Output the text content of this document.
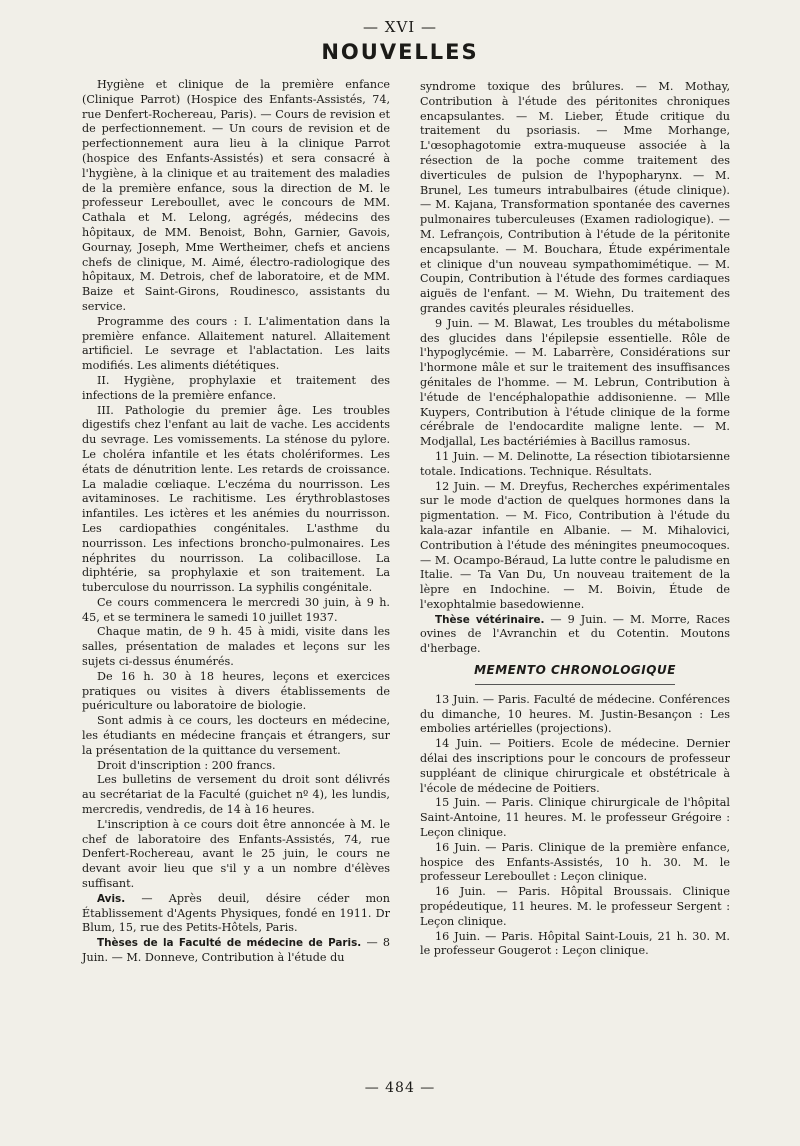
— XVI —
NOUVELLES

Hygiène et clinique de la première enfance (Clinique Parrot) (Hospice des Enfants-Assistés, 74, rue Denfert-Rochereau, Paris). — Cours de revision et de perfectionnement. — Un cours de revision et de perfectionnement aura lieu à la clinique Parrot (hospice des Enfants-Assistés) et sera consacré à l'hygiène, à la clinique et au traitement des maladies de la première enfance, sous la direction de M. le professeur Lereboullet, avec le concours de MM. Cathala et M. Lelong, agrégés, médecins des hôpitaux, de MM. Benoist, Bohn, Garnier, Gavois, Gournay, Joseph, Mme Wertheimer, chefs et anciens chefs de clinique, M. Aimé, électro-radiologique des hôpitaux, M. Detrois, chef de laboratoire, et de MM. Baize et Saint-Girons, Roudinesco, assistants du service.

Programme des cours : I. L'alimentation dans la première enfance. Allaitement naturel. Allaitement artificiel. Le sevrage et l'ablactation. Les laits modifiés. Les aliments diététiques.

II. Hygiène, prophylaxie et traitement des infections de la première enfance.

III. Pathologie du premier âge. Les troubles digestifs chez l'enfant au lait de vache. Les accidents du sevrage. Les vomissements. La sténose du pylore. Le choléra infantile et les états cholériformes. Les états de dénutrition lente. Les retards de croissance. La maladie cœliaque. L'eczéma du nourrisson. Les avitaminoses. Le rachitisme. Les érythroblastoses infantiles. Les ictères et les anémies du nourrisson. Les cardiopathies congénitales. L'asthme du nourrisson. Les infections broncho-pulmonaires. Les néphrites du nourrisson. La colibacillose. La diphtérie, sa prophylaxie et son traitement. La tuberculose du nourrisson. La syphilis congénitale.

Ce cours commencera le mercredi 30 juin, à 9 h. 45, et se terminera le samedi 10 juillet 1937.

Chaque matin, de 9 h. 45 à midi, visite dans les salles, présentation de malades et leçons sur les sujets ci-dessus énumérés.

De 16 h. 30 à 18 heures, leçons et exercices pratiques ou visites à divers établissements de puériculture ou laboratoire de biologie.

Sont admis à ce cours, les docteurs en médecine, les étudiants en médecine français et étrangers, sur la présentation de la quittance du versement.

Droit d'inscription : 200 francs.

Les bulletins de versement du droit sont délivrés au secrétariat de la Faculté (guichet nº 4), les lundis, mercredis, vendredis, de 14 à 16 heures.

L'inscription à ce cours doit être annoncée à M. le chef de laboratoire des Enfants-Assistés, 74, rue Denfert-Rochereau, avant le 25 juin, le cours ne devant avoir lieu que s'il y a un nombre d'élèves suffisant.

Avis. — Après deuil, désire céder mon Établissement d'Agents Physiques, fondé en 1911. Dr Blum, 15, rue des Petits-Hôtels, Paris.

Thèses de la Faculté de médecine de Paris. — 8 Juin. — M. Donneve, Contribution à l'étude du

syndrome toxique des brûlures. — M. Mothay, Contribution à l'étude des péritonites chroniques encapsulantes. — M. Lieber, Étude critique du traitement du psoriasis. — Mme Morhange, L'œsophagotomie extra-muqueuse associée à la résection de la poche comme traitement des diverticules de pulsion de l'hypopharynx. — M. Brunel, Les tumeurs intrabulbaires (étude clinique). — M. Kajana, Transformation spontanée des cavernes pulmonaires tuberculeuses (Examen radiologique). — M. Lefrançois, Contribution à l'étude de la péritonite encapsulante. — M. Bouchara, Étude expérimentale et clinique d'un nouveau sympathomimétique. — M. Coupin, Contribution à l'étude des formes cardiaques aiguës de l'enfant. — M. Wiehn, Du traitement des grandes cavités pleurales résiduelles.

9 Juin. — M. Blawat, Les troubles du métabolisme des glucides dans l'épilepsie essentielle. Rôle de l'hypoglycémie. — M. Labarrère, Considérations sur l'hormone mâle et sur le traitement des insuffisances génitales de l'homme. — M. Lebrun, Contribution à l'étude de l'encéphalopathie addisonienne. — Mlle Kuypers, Contribution à l'étude clinique de la forme cérébrale de l'endocardite maligne lente. — M. Modjallal, Les bactériémies à Bacillus ramosus.

11 Juin. — M. Delinotte, La résection tibiotarsienne totale. Indications. Technique. Résultats.

12 Juin. — M. Dreyfus, Recherches expérimentales sur le mode d'action de quelques hormones dans la pigmentation. — M. Fico, Contribution à l'étude du kala-azar infantile en Albanie. — M. Mihalovici, Contribution à l'étude des méningites pneumocoques. — M. Ocampo-Béraud, La lutte contre le paludisme en Italie. — Ta Van Du, Un nouveau traitement de la lèpre en Indochine. — M. Boivin, Étude de l'exophtalmie basedowienne.

Thèse vétérinaire. — 9 Juin. — M. Morre, Races ovines de l'Avranchin et du Cotentin. Moutons d'herbage.

MEMENTO CHRONOLOGIQUE

13 Juin. — Paris. Faculté de médecine. Conférences du dimanche, 10 heures. M. Justin-Besançon : Les embolies artérielles (projections).

14 Juin. — Poitiers. Ecole de médecine. Dernier délai des inscriptions pour le concours de professeur suppléant de clinique chirurgicale et obstétricale à l'école de médecine de Poitiers.

15 Juin. — Paris. Clinique chirurgicale de l'hôpital Saint-Antoine, 11 heures. M. le professeur Grégoire : Leçon clinique.

16 Juin. — Paris. Clinique de la première enfance, hospice des Enfants-Assistés, 10 h. 30. M. le professeur Lereboullet : Leçon clinique.

16 Juin. — Paris. Hôpital Broussais. Clinique propédeutique, 11 heures. M. le professeur Sergent : Leçon clinique.

16 Juin. — Paris. Hôpital Saint-Louis, 21 h. 30. M. le professeur Gougerot : Leçon clinique.

— 484 —
